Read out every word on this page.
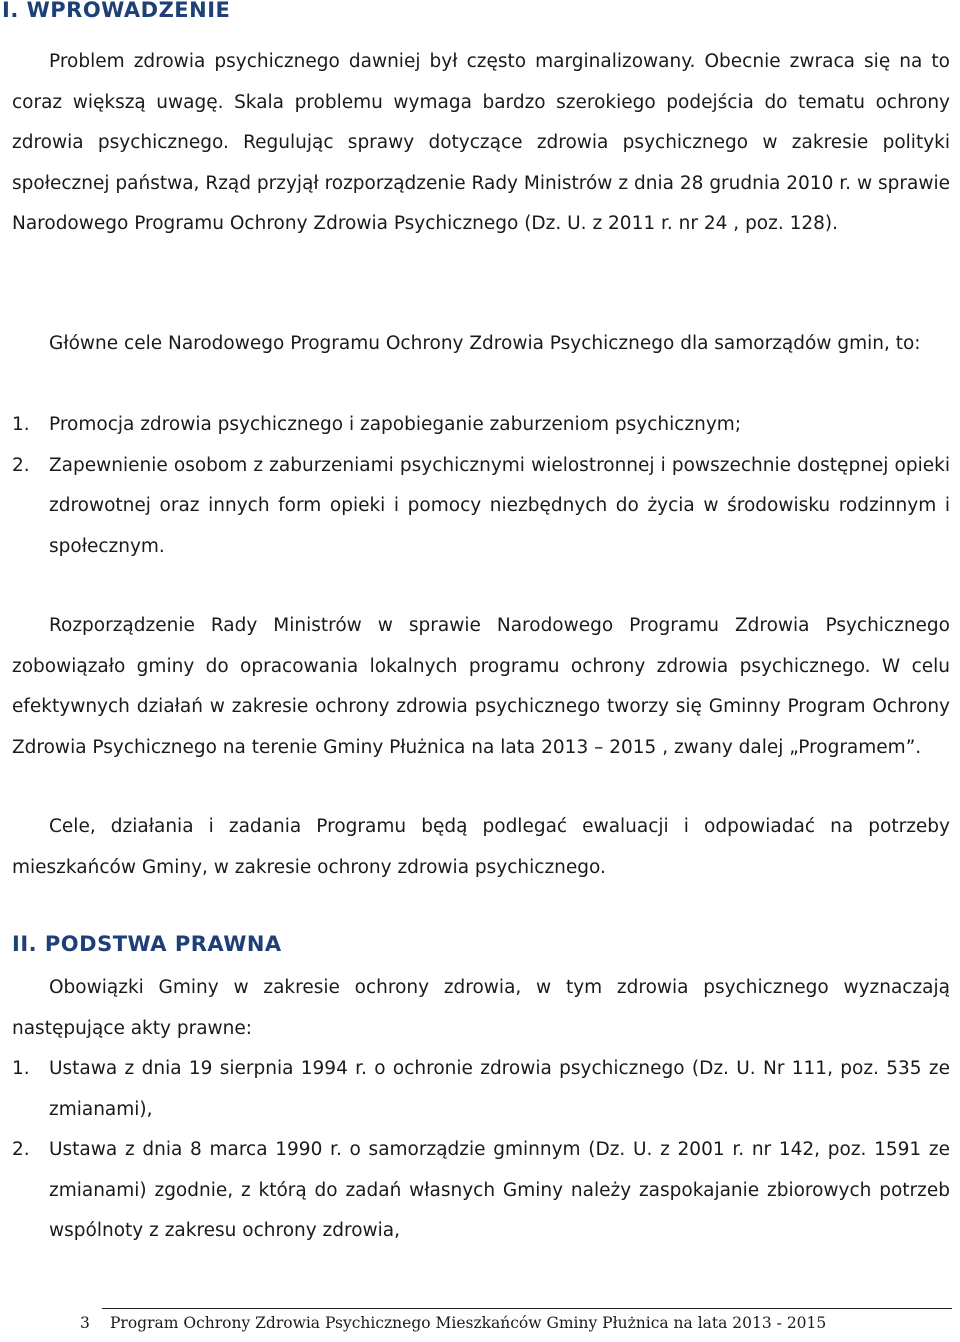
I. WPROWADZENIE

Problem zdrowia psychicznego dawniej był często marginalizowany. Obecnie zwraca się na to coraz większą uwagę. Skala problemu wymaga bardzo szerokiego podejścia do tematu ochrony zdrowia psychicznego. Regulując sprawy dotyczące zdrowia psychicznego w zakresie polityki społecznej państwa, Rząd przyjął rozporządzenie Rady Ministrów z dnia 28 grudnia 2010 r. w sprawie Narodowego Programu Ochrony Zdrowia Psychicznego (Dz. U. z 2011 r. nr 24 , poz. 128).

Główne cele Narodowego Programu Ochrony Zdrowia Psychicznego dla samorządów gmin, to:

1. Promocja zdrowia psychicznego i zapobieganie zaburzeniom psychicznym;
2. Zapewnienie osobom z zaburzeniami psychicznymi wielostronnej i powszechnie dostępnej opieki zdrowotnej oraz innych form opieki i pomocy niezbędnych do życia w środowisku rodzinnym i społecznym.

Rozporządzenie Rady Ministrów w sprawie Narodowego Programu Zdrowia Psychicznego zobowiązało gminy do opracowania lokalnych programu ochrony zdrowia psychicznego. W celu efektywnych działań w zakresie ochrony zdrowia psychicznego tworzy się Gminny Program Ochrony Zdrowia Psychicznego na terenie Gminy Płużnica na lata 2013 – 2015 , zwany dalej „Programem”.

Cele, działania i zadania Programu będą podlegać ewaluacji i odpowiadać na potrzeby mieszkańców Gminy, w zakresie ochrony zdrowia psychicznego.

II. PODSTWA PRAWNA

Obowiązki Gminy w zakresie ochrony zdrowia, w tym zdrowia psychicznego wyznaczają następujące akty prawne:

1. Ustawa z dnia 19 sierpnia 1994 r. o ochronie zdrowia psychicznego (Dz. U. Nr 111, poz. 535 ze zmianami),
2. Ustawa z dnia 8 marca 1990 r. o samorządzie gminnym (Dz. U. z 2001 r. nr 142, poz. 1591 ze zmianami) zgodnie, z którą do zadań własnych Gminy należy zaspokajanie zbiorowych potrzeb wspólnoty z zakresu ochrony zdrowia,
3 Program Ochrony Zdrowia Psychicznego Mieszkańców Gminy Płużnica na lata 2013 - 2015
